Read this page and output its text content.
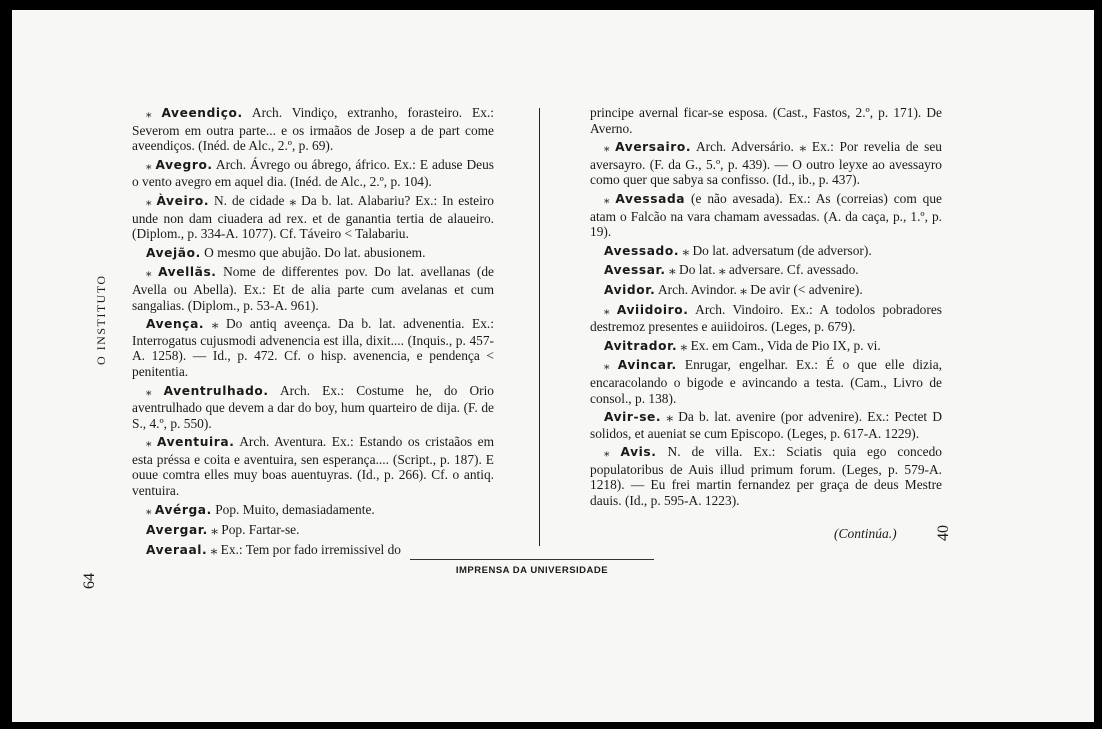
O INSTITUTO
64

⁎ Aveendiço. Arch. Vindiço, extranho, forasteiro. Ex.: Severom em outra parte... e os irmaãos de Josep a de part come aveendiços. (Inéd. de Alc., 2.º, p. 69).

⁎ Avegro. Arch. Ávrego ou ábrego, áfrico. Ex.: E aduse Deus o vento avegro em aquel dia. (Inéd. de Alc., 2.º, p. 104).

⁎ Àveiro. N. de cidade ⁎ Da b. lat. Alabariu? Ex.: In esteiro unde non dam ciuadera ad rex. et de ganantia tertia de alaueiro. (Diplom., p. 334-A. 1077). Cf. Táveiro < Talabariu.

Avejão. O mesmo que abujão. Do lat. abusionem.

⁎ Avellãs. Nome de differentes pov. Do lat. avellanas (de Avella ou Abella). Ex.: Et de alia parte cum avelanas et cum sangalias. (Diplom., p. 53-A. 961).

Avença. ⁎ Do antiq aveença. Da b. lat. advenentia. Ex.: Interrogatus cujusmodi advenencia est illa, dixit.... (Inquis., p. 457-A. 1258). — Id., p. 472. Cf. o hisp. avenencia, e pendença < penitentia.

⁎ Aventrulhado. Arch. Ex.: Costume he, do Orio aventrulhado que devem a dar do boy, hum quarteiro de dija. (F. de S., 4.º, p. 550).

⁎ Aventuira. Arch. Aventura. Ex.: Estando os cristaãos em esta préssa e coita e aventuira, sen esperança.... (Script., p. 187). E ouue comtra elles muy boas auentuyras. (Id., p. 266). Cf. o antiq. ventuira.

⁎ Avérga. Pop. Muito, demasiadamente.

Avergar. ⁎ Pop. Fartar-se.

Averaal. ⁎ Ex.: Tem por fado irremissivel do

principe avernal ficar-se esposa. (Cast., Fastos, 2.º, p. 171). De Averno.

⁎ Aversairo. Arch. Adversário. ⁎ Ex.: Por revelia de seu aversayro. (F. da G., 5.º, p. 439). — O outro leyxe ao avessayro como quer que sabya sa confisso. (Id., ib., p. 437).

⁎ Avessada (e não avesada). Ex.: As (correias) com que atam o Falcão na vara chamam avessadas. (A. da caça, p., 1.º, p. 19).

Avessado. ⁎ Do lat. adversatum (de adversor).

Avessar. ⁎ Do lat. ⁎ adversare. Cf. avessado.

Avidor. Arch. Avindor. ⁎ De avir (< advenire).

⁎ Aviidoiro. Arch. Vindoiro. Ex.: A todolos pobradores destremoz presentes e auiidoiros. (Leges, p. 679).

Avitrador. ⁎ Ex. em Cam., Vida de Pio IX, p. vi.

⁎ Avincar. Enrugar, engelhar. Ex.: É o que elle dizia, encaracolando o bigode e avincando a testa. (Cam., Livro de consol., p. 138).

Avir-se. ⁎ Da b. lat. avenire (por advenire). Ex.: Pectet D solidos, et aueniat se cum Episcopo. (Leges, p. 617-A. 1229).

⁎ Avis. N. de villa. Ex.: Sciatis quia ego concedo populatoribus de Auis illud primum forum. (Leges, p. 579-A. 1218). — Eu frei martin fernandez per graça de deus Mestre dauis. (Id., p. 595-A. 1223).

(Continúa.) 40
IMPRENSA DA UNIVERSIDADE
